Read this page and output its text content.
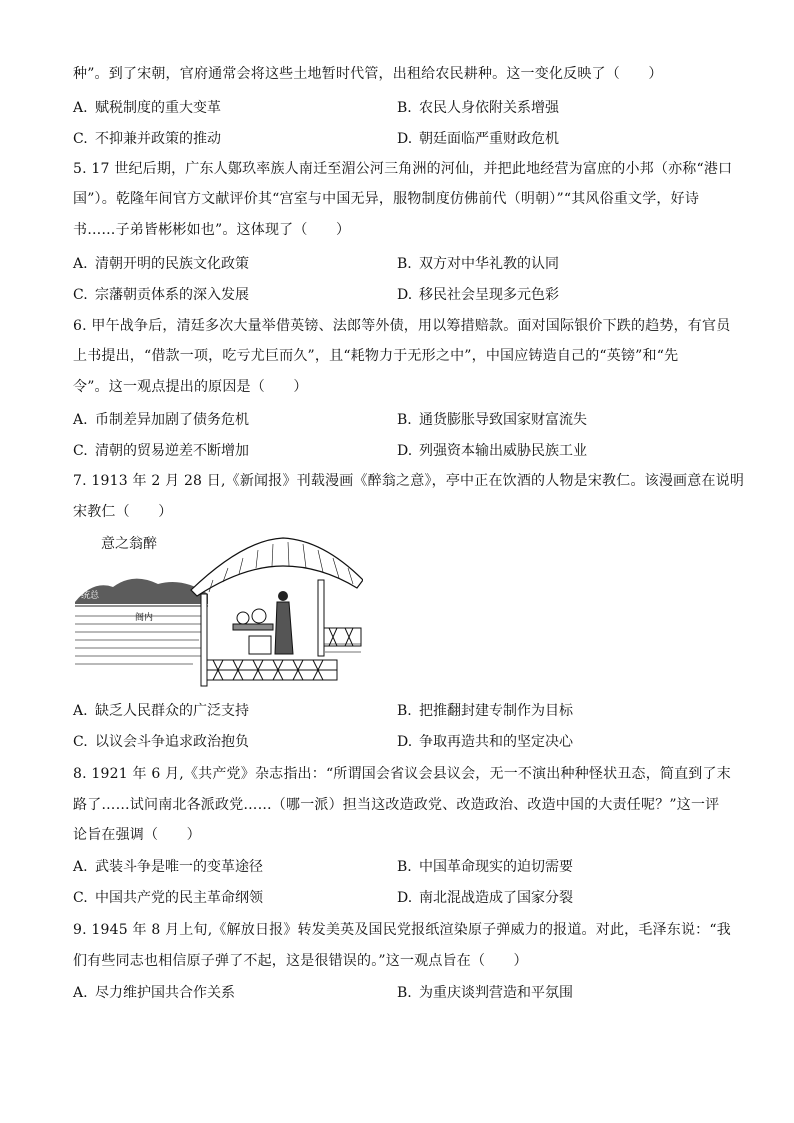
种”。到了宋朝，官府通常会将这些土地暂时代管，出租给农民耕种。这一变化反映了（　　）
A. 赋税制度的重大变革	B. 农民人身依附关系增强
C. 不抑兼并政策的推动	D. 朝廷面临严重财政危机
5. 17 世纪后期，广东人鄚玖率族人南迁至湄公河三角洲的河仙，并把此地经营为富庶的小邦（亦称“港口
国”）。乾隆年间官方文献评价其“宫室与中国无异，服物制度仿佛前代（明朝）”“其风俗重文学，好诗
书……子弟皆彬彬如也”。这体现了（　　）
A. 清朝开明的民族文化政策	B. 双方对中华礼教的认同
C. 宗藩朝贡体系的深入发展	D. 移民社会呈现多元色彩
6. 甲午战争后，清廷多次大量举借英镑、法郎等外债，用以筹措赔款。面对国际银价下跌的趋势，有官员
上书提出，“借款一项，吃亏尤巨而久”，且“耗物力于无形之中”，中国应铸造自己的“英镑”和“先
令”。这一观点提出的原因是（　　）
A. 币制差异加剧了债务危机	B. 通货膨胀导致国家财富流失
C. 清朝的贸易逆差不断增加	D. 列强资本输出威胁民族工业
7. 1913 年 2 月 28 日,《新闻报》刊载漫画《醉翁之意》，亭中正在饮酒的人物是宋教仁。该漫画意在说明
宋教仁（　　）
意之翁醉
统总
阁内
A. 缺乏人民群众的广泛支持	B. 把推翻封建专制作为目标
C. 以议会斗争追求政治抱负	D. 争取再造共和的坚定决心
8. 1921 年 6 月,《共产党》杂志指出：“所谓国会省议会县议会，无一不演出种种怪状丑态，简直到了末
路了……试问南北各派政党……（哪一派）担当这改造政党、改造政治、改造中国的大责任呢？”这一评
论旨在强调（　　）
A. 武装斗争是唯一的变革途径	B. 中国革命现实的迫切需要
C. 中国共产党的民主革命纲领	D. 南北混战造成了国家分裂
9. 1945 年 8 月上旬,《解放日报》转发美英及国民党报纸渲染原子弹威力的报道。对此，毛泽东说：“我
们有些同志也相信原子弹了不起，这是很错误的。”这一观点旨在（　　）
A. 尽力维护国共合作关系	B. 为重庆谈判营造和平氛围
